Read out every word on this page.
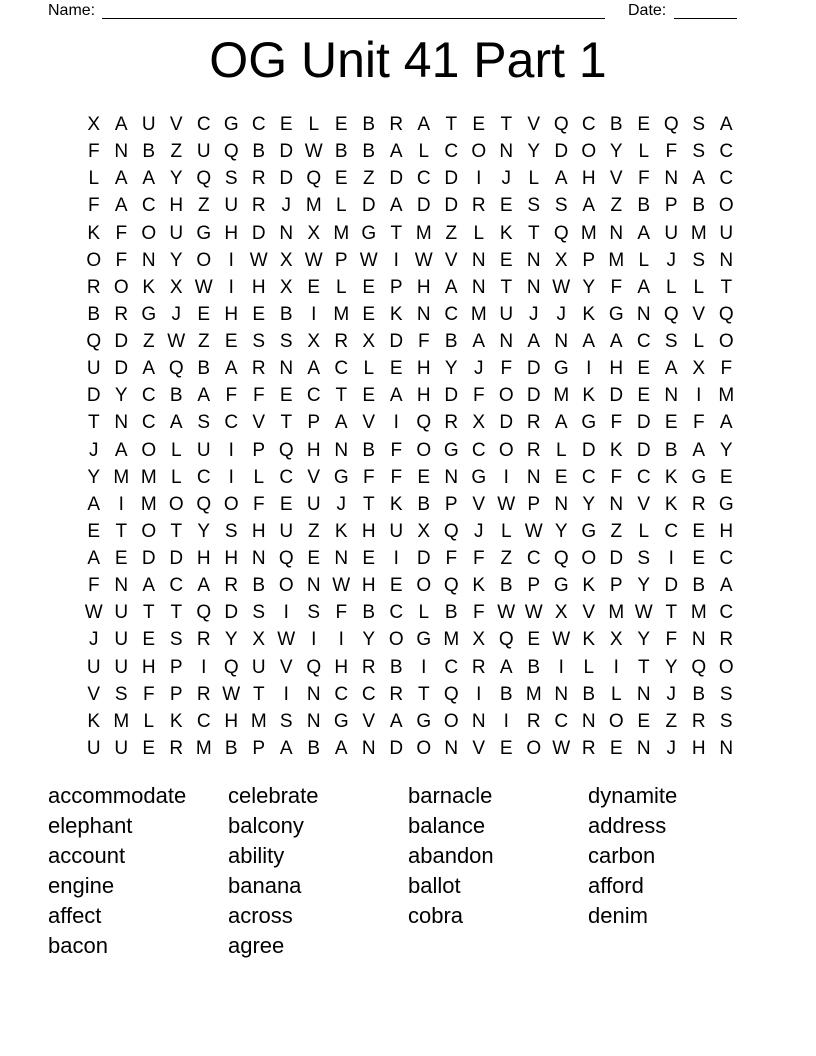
Name:	Date:
OG Unit 41 Part 1
X A U V C G C E L E B R A T E T V Q C B E Q S A
F N B Z U Q B D W B B A L C O N Y D O Y L F S C
L A A Y Q S R D Q E Z D C D I	J L A H V F N A C
F A C H Z U R J M L D A D D R E S S A Z B P B O
K F O U G H D N X M G T M Z L K T Q M N A U M U
O F N Y O I W X W P W I W V N E N X P M L J S N
R O K X W I H X E L E P H A N T N W Y F A L L T
B R G J E H E B I M E K N C M U J J K G N Q V Q
Q D Z W Z E S S X R X D F B A N A N A A C S L O
U D A Q B A R N A C L E H Y J F D G I H E A X F
D Y C B A F F E C T E A H D F O D M K D E N I M
T N C A S C V T P A V I Q R X D R A G F D E F A
J A O L U I P Q H N B F O G C O R L D K D B A Y
Y M M L C I	L C V G F F E N G I N E C F C K G E
A I M O Q O F E U J T K B P V W P N Y N V K R G
E T O T Y S H U Z K H U X Q J L W Y G Z L C E H
A E D D H H N Q E N E I D F F Z C Q O D S I E C
F N A C A R B O N W H E O Q K B P G K P Y D B A
W U T T Q D S I S F B C L B F W W X V M W T M C
J U E S R Y X W I	I Y O G M X Q E W K X Y F N R
U U H P I Q U V Q H R B I C R A B I	L	I	T Y Q O
V S F P R W T	I N C C R T Q I B M N B L N J B S
K M L K C H M S N G V A G O N I R C N O E Z R S
U U E R M B P A B A N D O N V E O W R E N J H N
accommodate
elephant
account
engine
affect
bacon
celebrate
balcony
ability
banana
across
agree
barnacle
balance
abandon
ballot
cobra
dynamite
address
carbon
afford
denim
